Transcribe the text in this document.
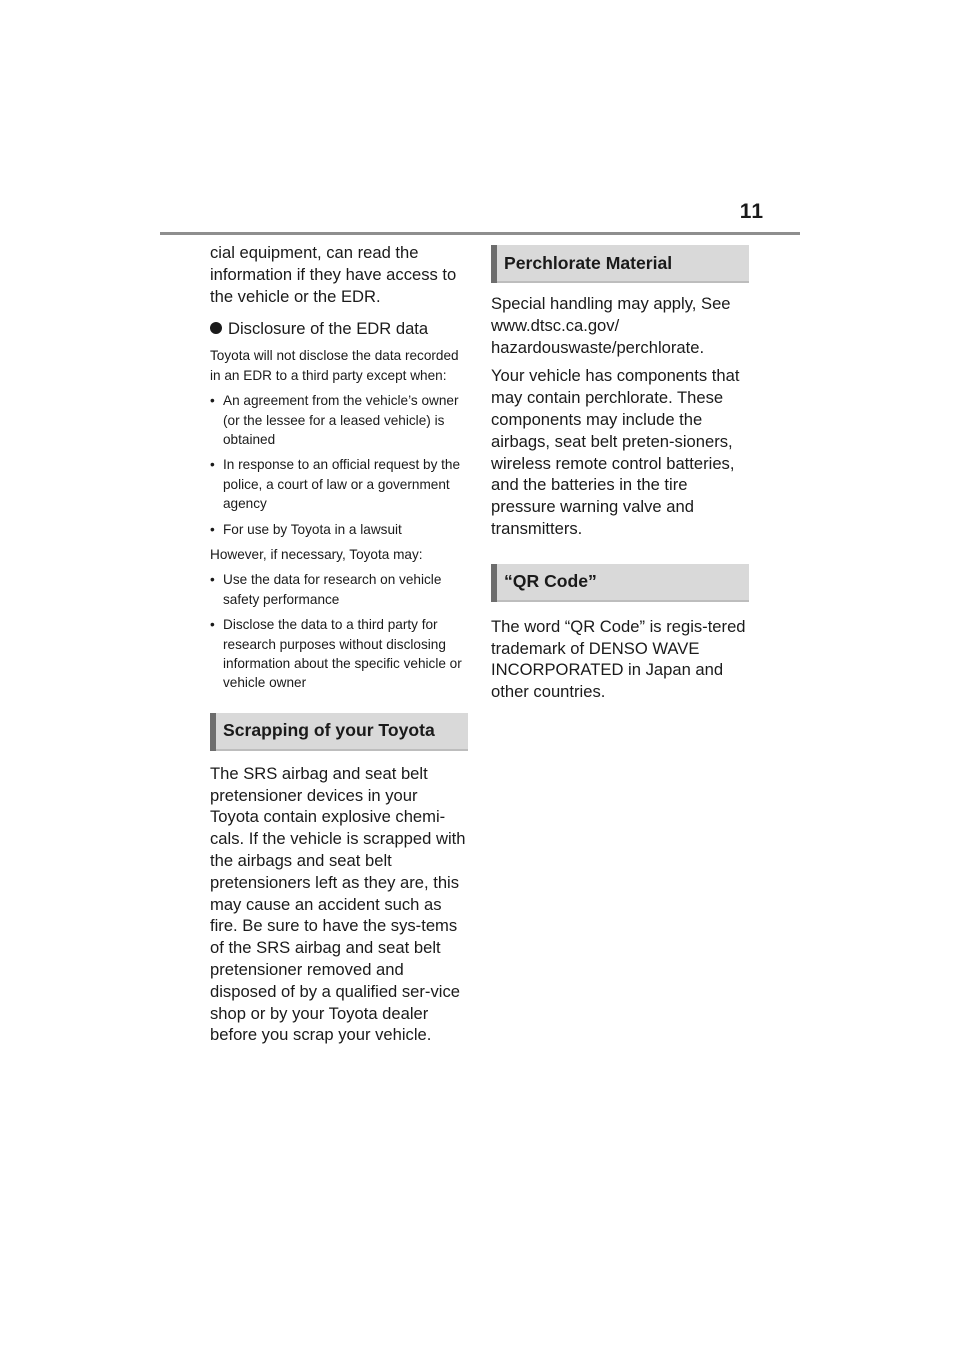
11

cial equipment, can read the information if they have access to the vehicle or the EDR.

Disclosure of the EDR data

Toyota will not disclose the data recorded in an EDR to a third party except when:

• An agreement from the vehicle’s owner (or the lessee for a leased vehicle) is obtained
• In response to an official request by the police, a court of law or a government agency
• For use by Toyota in a lawsuit

However, if necessary, Toyota may:

• Use the data for research on vehicle safety performance
• Disclose the data to a third party for research purposes without disclosing information about the specific vehicle or vehicle owner
Scrapping of your Toyota

The SRS airbag and seat belt pretensioner devices in your Toyota contain explosive chemi-cals. If the vehicle is scrapped with the airbags and seat belt pretensioners left as they are, this may cause an accident such as fire. Be sure to have the sys-tems of the SRS airbag and seat belt pretensioner removed and disposed of by a qualified ser-vice shop or by your Toyota dealer before you scrap your vehicle.

Perchlorate Material

Special handling may apply, See www.dtsc.ca.gov/ hazardouswaste/perchlorate.

Your vehicle has components that may contain perchlorate. These components may include the airbags, seat belt preten-sioners, wireless remote control batteries, and the batteries in the tire pressure warning valve and transmitters.

“QR Code”

The word “QR Code” is regis-tered trademark of DENSO WAVE INCORPORATED in Japan and other countries.
